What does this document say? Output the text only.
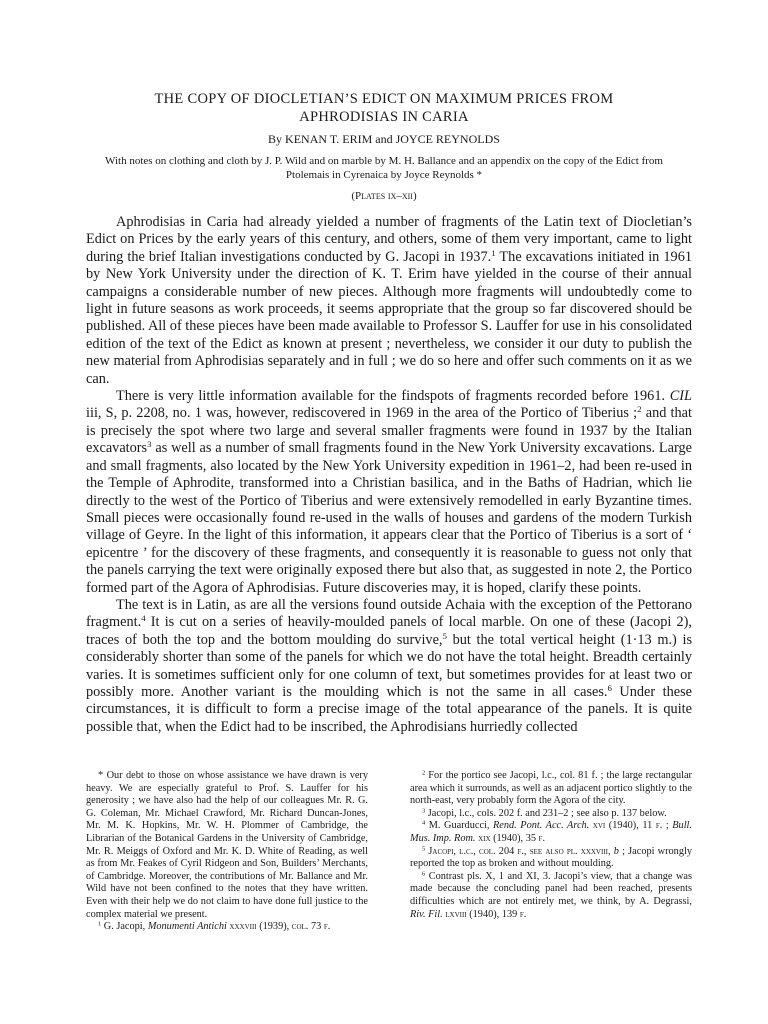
THE COPY OF DIOCLETIAN’S EDICT ON MAXIMUM PRICES FROM
APHRODISIAS IN CARIA
By KENAN T. ERIM and JOYCE REYNOLDS
With notes on clothing and cloth by J. P. Wild and on marble by M. H. Ballance and an appendix on the copy of the Edict from Ptolemais in Cyrenaica by Joyce Reynolds *
(Plates ix–xii)

Aphrodisias in Caria had already yielded a number of fragments of the Latin text of Diocletian’s Edict on Prices by the early years of this century, and others, some of them very important, came to light during the brief Italian investigations conducted by G. Jacopi in 1937.$^1$ The excavations initiated in 1961 by New York University under the direction of K. T. Erim have yielded in the course of their annual campaigns a considerable number of new pieces. Although more fragments will undoubtedly come to light in future seasons as work proceeds, it seems appropriate that the group so far discovered should be published. All of these pieces have been made available to Professor S. Lauffer for use in his consolidated edition of the text of the Edict as known at present ; nevertheless, we consider it our duty to publish the new material from Aphrodisias separately and in full ; we do so here and offer such comments on it as we can.

There is very little information available for the findspots of fragments recorded before 1961. CIL iii, S, p. 2208, no. 1 was, however, rediscovered in 1969 in the area of the Portico of Tiberius ;$^2$ and that is precisely the spot where two large and several smaller fragments were found in 1937 by the Italian excavators$^3$ as well as a number of small fragments found in the New York University excavations. Large and small fragments, also located by the New York University expedition in 1961–2, had been re-used in the Temple of Aphrodite, transformed into a Christian basilica, and in the Baths of Hadrian, which lie directly to the west of the Portico of Tiberius and were extensively remodelled in early Byzantine times. Small pieces were occasionally found re-used in the walls of houses and gardens of the modern Turkish village of Geyre. In the light of this information, it appears clear that the Portico of Tiberius is a sort of ‘ epicentre ’ for the discovery of these fragments, and consequently it is reasonable to guess not only that the panels carrying the text were originally exposed there but also that, as suggested in note 2, the Portico formed part of the Agora of Aphrodisias. Future discoveries may, it is hoped, clarify these points.

The text is in Latin, as are all the versions found outside Achaia with the exception of the Pettorano fragment.$^4$ It is cut on a series of heavily-moulded panels of local marble. On one of these (Jacopi 2), traces of both the top and the bottom moulding do survive,$^5$ but the total vertical height (1·13 m.) is considerably shorter than some of the panels for which we do not have the total height. Breadth certainly varies. It is sometimes sufficient only for one column of text, but sometimes provides for at least two or possibly more. Another variant is the moulding which is not the same in all cases.$^6$ Under these circumstances, it is difficult to form a precise image of the total appearance of the panels. It is quite possible that, when the Edict had to be inscribed, the Aphrodisians hurriedly collected

* Our debt to those on whose assistance we have drawn is very heavy. We are especially grateful to Prof. S. Lauffer for his generosity ; we have also had the help of our colleagues Mr. R. G. G. Coleman, Mr. Michael Crawford, Mr. Richard Duncan-Jones, Mr. M. K. Hopkins, Mr. W. H. Plommer of Cambridge, the Librarian of the Botanical Gardens in the University of Cambridge, Mr. R. Meiggs of Oxford and Mr. K. D. White of Reading, as well as from Mr. Feakes of Cyril Ridgeon and Son, Builders’ Merchants, of Cambridge. Moreover, the contributions of Mr. Ballance and Mr. Wild have not been confined to the notes that they have written. Even with their help we do not claim to have done full justice to the complex material we present.

$^1$ G. Jacopi, Monumenti Antichi xxxviii (1939), col. 73 f.

$^2$ For the portico see Jacopi, l.c., col. 81 f. ; the large rectangular area which it surrounds, as well as an adjacent portico slightly to the north-east, very probably form the Agora of the city.

$^3$ Jacopi, l.c., cols. 202 f. and 231–2 ; see also p. 137 below.

$^4$ M. Guarducci, Rend. Pont. Acc. Arch. xvi (1940), 11 f. ; Bull. Mus. Imp. Rom. xix (1940), 35 f.

$^5$ Jacopi, l.c., col. 204 f., see also pl. xxxviii, b ; Jacopi wrongly reported the top as broken and without moulding.

$^6$ Contrast pls. X, 1 and XI, 3. Jacopi’s view, that a change was made because the concluding panel had been reached, presents difficulties which are not entirely met, we think, by A. Degrassi, Riv. Fil. lxviii (1940), 139 f.
